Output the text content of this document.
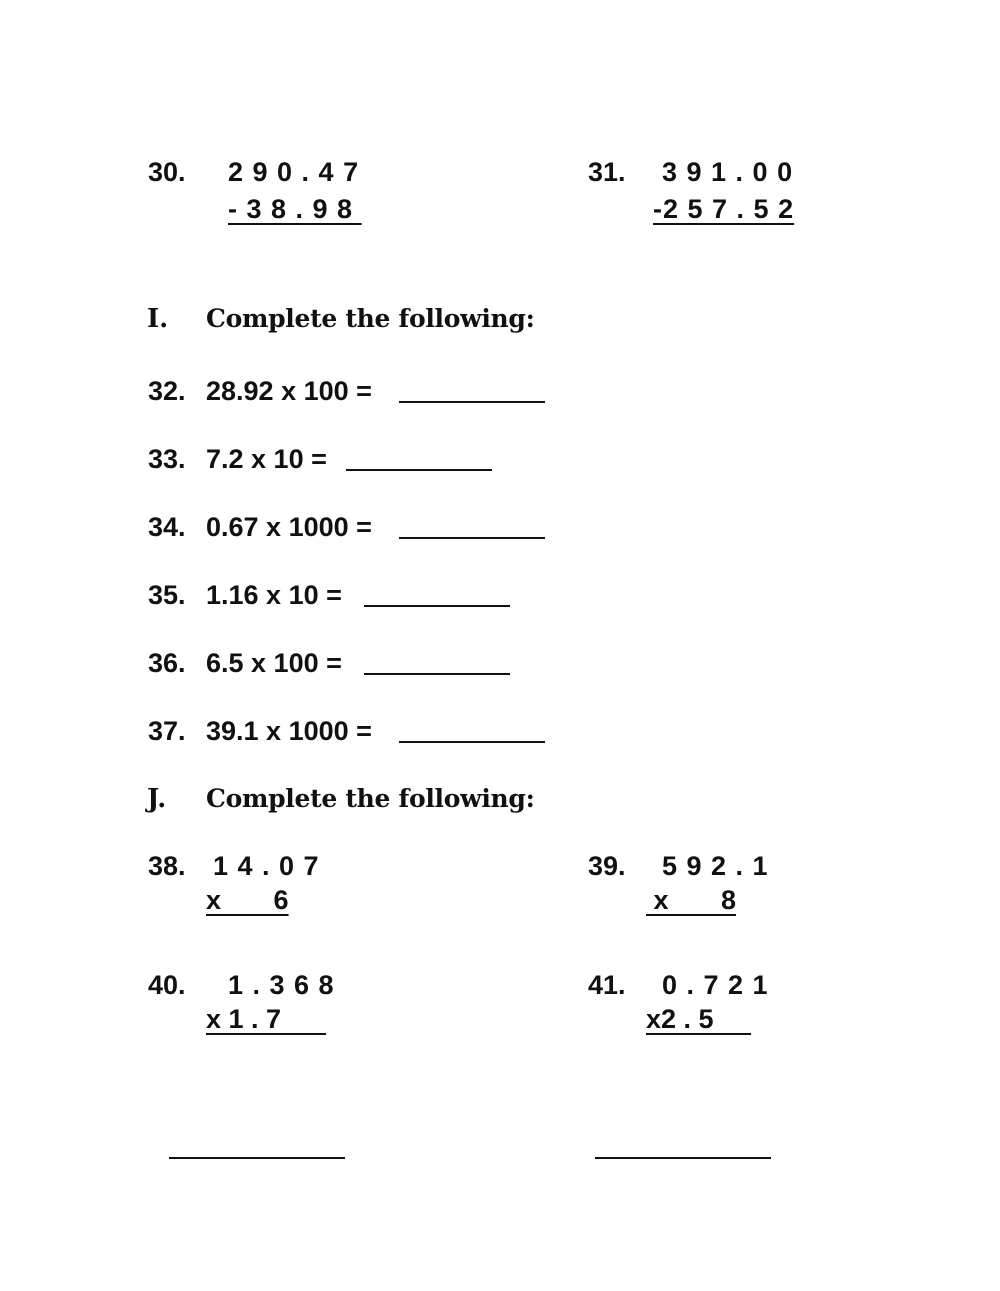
30. 2 9 0 . 4 7
- 3 8 . 9 8
31. 3 9 1 . 0 0
-2 5 7 . 5 2
I. Complete the following:
32. 28.92 x 100 =
33. 7.2 x 10 =
34. 0.67 x 1000 =
35. 1.16 x 10 =
36. 6.5 x 100 =
37. 39.1 x 1000 =
J. Complete the following:
38. 1 4 . 0 7
x       6
39. 5 9 2 . 1
x       8
40. 1 . 3 6 8
x 1 . 7
41. 0 . 7 2 1
x2 . 5
